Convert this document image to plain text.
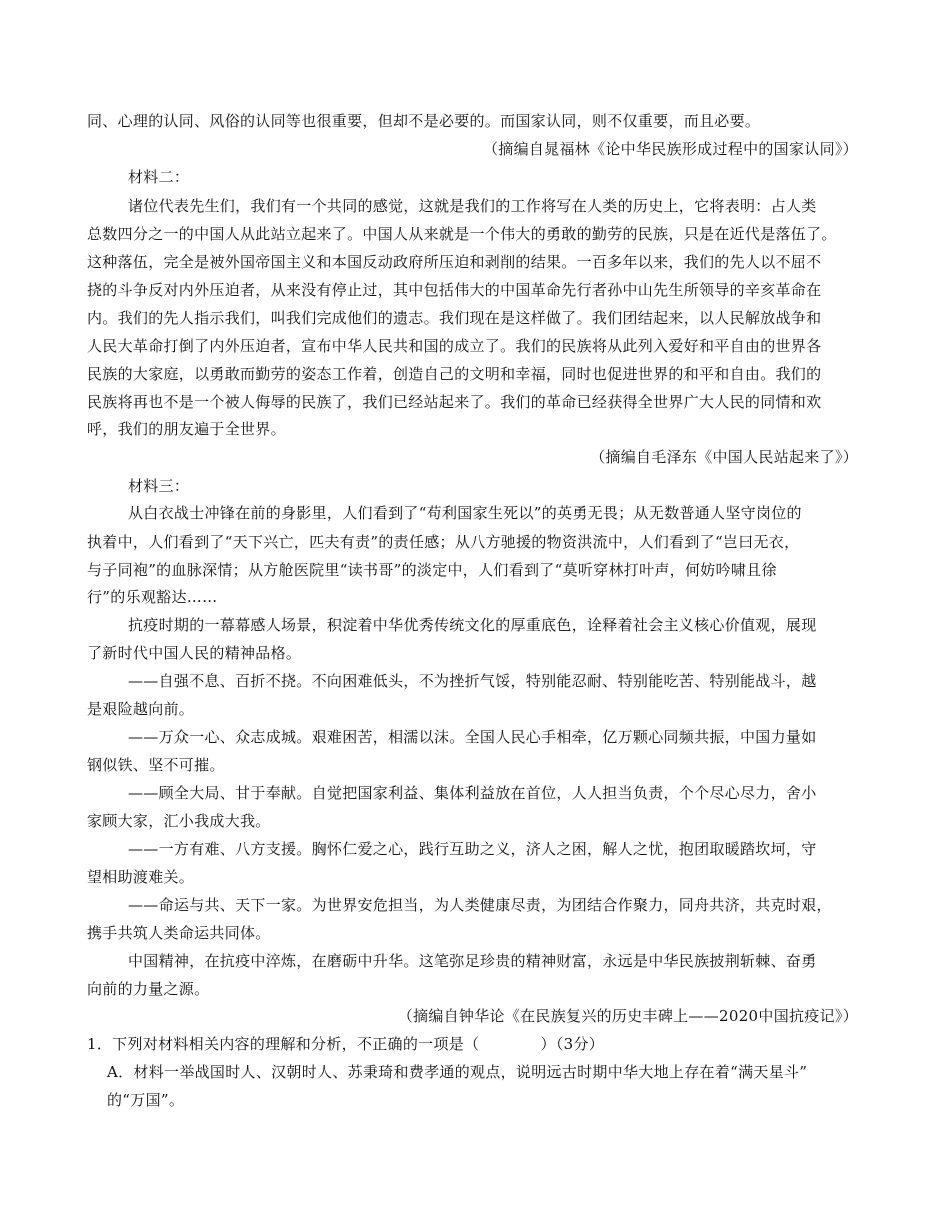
同、心理的认同、风俗的认同等也很重要，但却不是必要的。而国家认同，则不仅重要，而且必要。
（摘编自晁福林《论中华民族形成过程中的国家认同》）
材料二：
诸位代表先生们，我们有一个共同的感觉，这就是我们的工作将写在人类的历史上，它将表明：占人类
总数四分之一的中国人从此站立起来了。中国人从来就是一个伟大的勇敢的勤劳的民族，只是在近代是落伍了。
这种落伍，完全是被外国帝国主义和本国反动政府所压迫和剥削的结果。一百多年以来，我们的先人以不屈不
挠的斗争反对内外压迫者，从来没有停止过，其中包括伟大的中国革命先行者孙中山先生所领导的辛亥革命在
内。我们的先人指示我们，叫我们完成他们的遗志。我们现在是这样做了。我们团结起来，以人民解放战争和
人民大革命打倒了内外压迫者，宣布中华人民共和国的成立了。我们的民族将从此列入爱好和平自由的世界各
民族的大家庭，以勇敢而勤劳的姿态工作着，创造自己的文明和幸福，同时也促进世界的和平和自由。我们的
民族将再也不是一个被人侮辱的民族了，我们已经站起来了。我们的革命已经获得全世界广大人民的同情和欢
呼，我们的朋友遍于全世界。
（摘编自毛泽东《中国人民站起来了》）
材料三：
从白衣战士冲锋在前的身影里，人们看到了“苟利国家生死以”的英勇无畏；从无数普通人坚守岗位的
执着中，人们看到了“天下兴亡，匹夫有责”的责任感；从八方驰援的物资洪流中，人们看到了“岂曰无衣，
与子同袍”的血脉深情；从方舱医院里“读书哥”的淡定中，人们看到了“莫听穿林打叶声，何妨吟啸且徐
行”的乐观豁达……
抗疫时期的一幕幕感人场景，积淀着中华优秀传统文化的厚重底色，诠释着社会主义核心价值观，展现
了新时代中国人民的精神品格。
——自强不息、百折不挠。不向困难低头，不为挫折气馁，特别能忍耐、特别能吃苦、特别能战斗，越
是艰险越向前。
——万众一心、众志成城。艰难困苦，相濡以沫。全国人民心手相牵，亿万颗心同频共振，中国力量如
钢似铁、坚不可摧。
——顾全大局、甘于奉献。自觉把国家利益、集体利益放在首位，人人担当负责，个个尽心尽力，舍小
家顾大家，汇小我成大我。
——一方有难、八方支援。胸怀仁爱之心，践行互助之义，济人之困，解人之忧，抱团取暖踏坎坷，守
望相助渡难关。
——命运与共、天下一家。为世界安危担当，为人类健康尽责，为团结合作聚力，同舟共济，共克时艰，
携手共筑人类命运共同体。
中国精神，在抗疫中淬炼，在磨砺中升华。这笔弥足珍贵的精神财富，永远是中华民族披荆斩棘、奋勇
向前的力量之源。
（摘编自钟华论《在民族复兴的历史丰碑上——2020中国抗疫记》）
1．下列对材料相关内容的理解和分析，不正确的一项是（　　　　）（3分）
A．材料一举战国时人、汉朝时人、苏秉琦和费孝通的观点，说明远古时期中华大地上存在着“满天星斗”
的“万国”。
